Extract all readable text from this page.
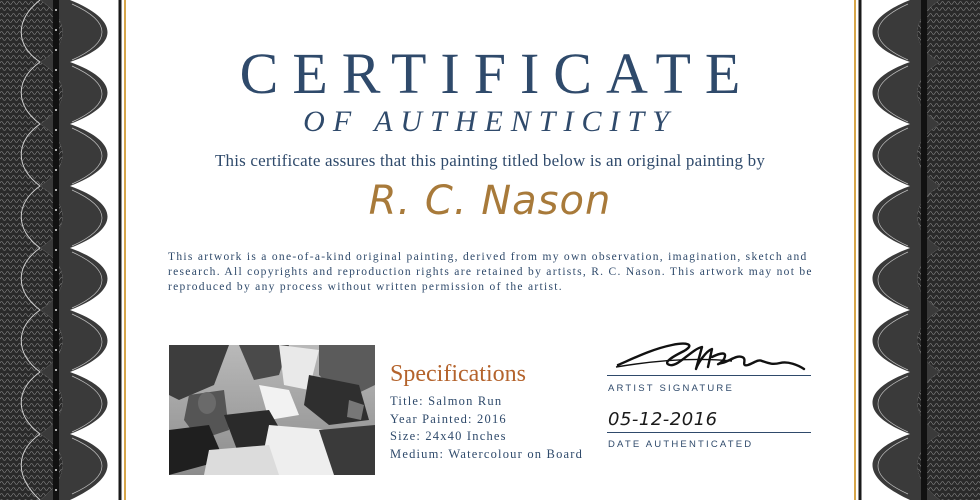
CERTIFICATE
OF AUTHENTICITY
This certificate assures that this painting titled below is an original painting by
R. C. Nason
This artwork is a one-of-a-kind original painting, derived from my own observation, imagination, sketch and research. All copyrights and reproduction rights are retained by artists, R. C. Nason. This artwork may not be reproduced by any process without written permission of the artist.
Specifications
Title: Salmon Run
Year Painted: 2016
Size: 24x40 Inches
Medium: Watercolour on Board
ARTIST SIGNATURE
05-12-2016
DATE AUTHENTICATED
